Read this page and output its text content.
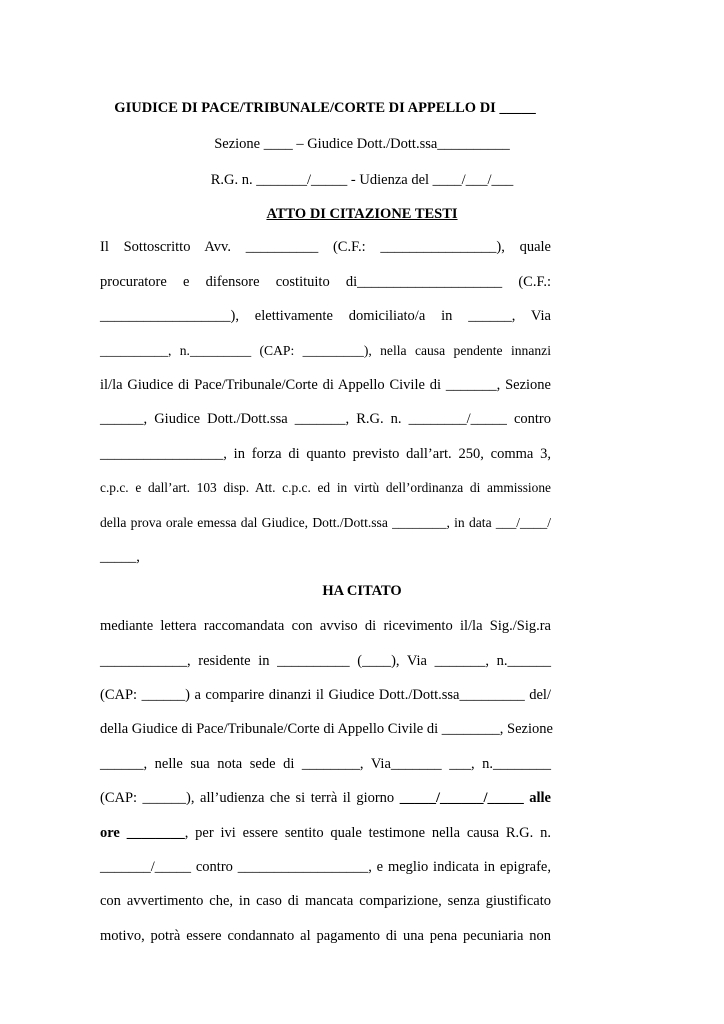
GIUDICE DI PACE/TRIBUNALE/CORTE DI APPELLO DI _____
Sezione ____ – Giudice Dott./Dott.ssa__________
R.G. n. _______/_____ - Udienza del ____/___/___
ATTO DI CITAZIONE TESTI
Il Sottoscritto Avv. __________ (C.F.: ________________), quale
procuratore e difensore costituito di____________________ (C.F.:
__________________), elettivamente domiciliato/a in ______, Via
__________, n._________ (CAP: _________), nella causa pendente innanzi
il/la Giudice di Pace/Tribunale/Corte di Appello Civile di _______, Sezione
______, Giudice Dott./Dott.ssa _______, R.G. n. ________/_____ contro
_________________, in forza di quanto previsto dall’art. 250, comma 3,
c.p.c. e dall’art. 103 disp. Att. c.p.c. ed in virtù dell’ordinanza di ammissione
della prova orale emessa dal Giudice, Dott./Dott.ssa ________, in data ___/____/
_____,
HA CITATO
mediante lettera raccomandata con avviso di ricevimento il/la Sig./Sig.ra
____________, residente in __________ (____), Via _______, n.______
(CAP: ______) a comparire dinanzi il Giudice Dott./Dott.ssa_________ del/
della Giudice di Pace/Tribunale/Corte di Appello Civile di ________, Sezione
______, nelle sua nota sede di ________, Via_______ ___, n.________
(CAP: ______), all’udienza che si terrà il giorno _____/______/_____ alle
ore ________, per ivi essere sentito quale testimone nella causa R.G. n.
_______/_____ contro __________________, e meglio indicata in epigrafe,
con avvertimento che, in caso di mancata comparizione, senza giustificato
motivo, potrà essere condannato al pagamento di una pena pecuniaria non
